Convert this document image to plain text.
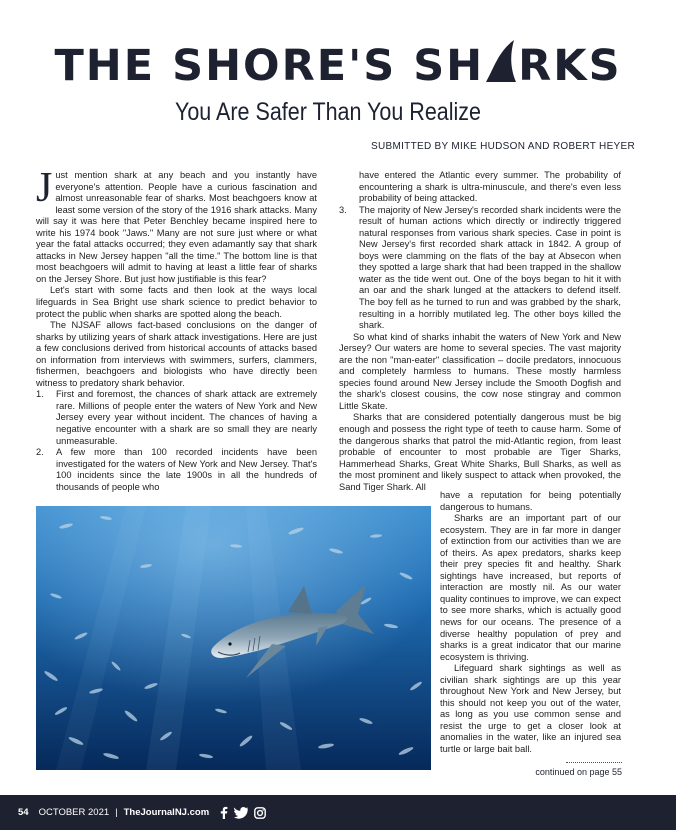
THE SHORE'S SH RKS
You Are Safer Than You Realize
SUBMITTED BY MIKE HUDSON AND ROBERT HEYER

Just mention shark at any beach and you instantly have everyone's attention. People have a curious fascination and almost unreasonable fear of sharks. Most beachgoers know at least some version of the story of the 1916 shark attacks. Many will say it was here that Peter Benchley became inspired here to write his 1974 book "Jaws." Many are not sure just where or what year the fatal attacks occurred; they even adamantly say that shark attacks in New Jersey happen "all the time." The bottom line is that most beachgoers will admit to having at least a little fear of sharks on the Jersey Shore. But just how justifiable is this fear?

Let's start with some facts and then look at the ways local lifeguards in Sea Bright use shark science to predict behavior to protect the public when sharks are spotted along the beach.

The NJSAF allows fact-based conclusions on the danger of sharks by utilizing years of shark attack investigations. Here are just a few conclusions derived from historical accounts of attacks based on information from interviews with swimmers, surfers, clammers, fishermen, beachgoers and biologists who have directly been witness to predatory shark behavior.

1.	First and foremost, the chances of shark attack are extremely rare. Millions of people enter the waters of New York and New Jersey every year without incident. The chances of having a negative encounter with a shark are so small they are nearly unmeasurable.
2.	A few more than 100 recorded incidents have been investigated for the waters of New York and New Jersey. That's 100 incidents since the late 1900s in all the hundreds of thousands of people who
have entered the Atlantic every summer. The probability of encountering a shark is ultra-minuscule, and there's even less probability of being attacked.
3.	The majority of New Jersey's recorded shark incidents were the result of human actions which directly or indirectly triggered natural responses from various shark species. Case in point is New Jersey's first recorded shark attack in 1842. A group of boys were clamming on the flats of the bay at Absecon when they spotted a large shark that had been trapped in the shallow water as the tide went out. One of the boys began to hit it with an oar and the shark lunged at the attackers to defend itself. The boy fell as he turned to run and was grabbed by the shark, resulting in a horribly mutilated leg. The other boys killed the shark.

So what kind of sharks inhabit the waters of New York and New Jersey? Our waters are home to several species. The vast majority are the non "man-eater" classification – docile predators, innocuous and completely harmless to humans. These mostly harmless species found around New Jersey include the Smooth Dogfish and the shark's closest cousins, the cow nose stingray and common Little Skate.

Sharks that are considered potentially dangerous must be big enough and possess the right type of teeth to cause harm. Some of the dangerous sharks that patrol the mid-Atlantic region, from least probable of encounter to most probable are Tiger Sharks, Hammerhead Sharks, Great White Sharks, Bull Sharks, as well as the most prominent and likely suspect to attack when provoked, the Sand Tiger Shark. All

have a reputation for being potentially dangerous to humans.

Sharks are an important part of our ecosystem. They are in far more in danger of extinction from our activities than we are of theirs. As apex predators, sharks keep their prey species fit and healthy. Shark sightings have increased, but reports of interaction are mostly nil. As our water quality continues to improve, we can expect to see more sharks, which is actually good news for our oceans. The presence of a diverse healthy population of prey and sharks is a great indicator that our marine ecosystem is thriving.

Lifeguard shark sightings as well as civilian shark sightings are up this year throughout New York and New Jersey, but this should not keep you out of the water, as long as you use common sense and resist the urge to get a closer look at anomalies in the water, like an injured sea turtle or large bait ball.

continued on page 55
54 OCTOBER 2021 | TheJournalNJ.com
